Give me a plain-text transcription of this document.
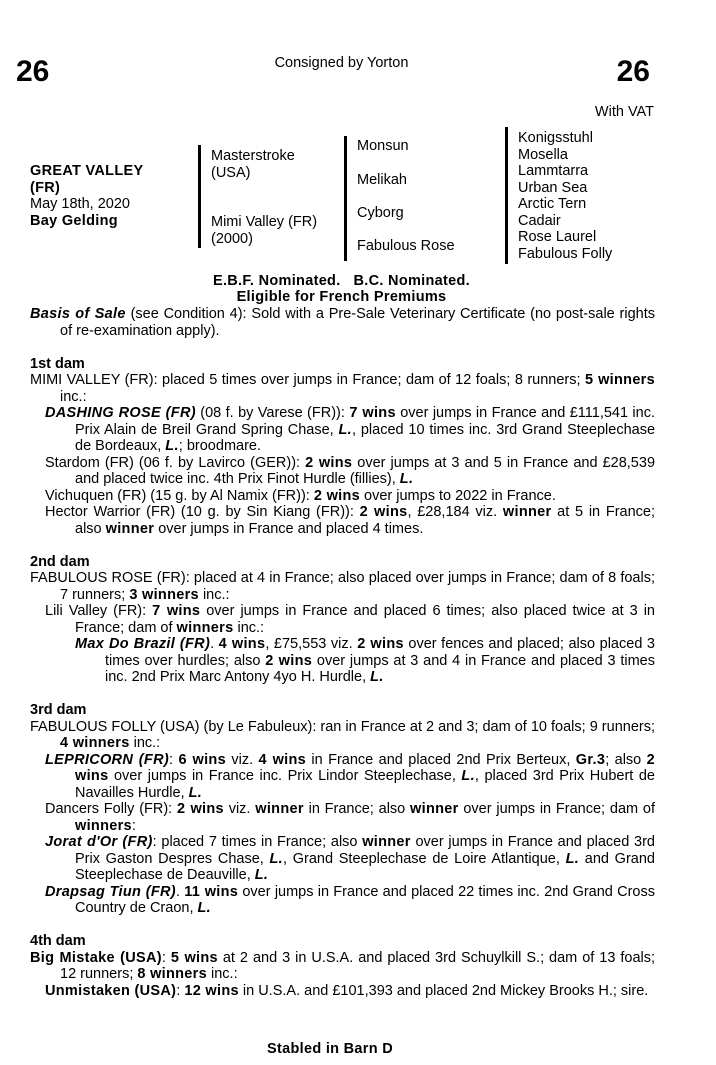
26	26
Consigned by Yorton
With VAT
GREAT VALLEY
(FR)
May 18th, 2020
Bay Gelding
Masterstroke
(USA)
Mimi Valley (FR)
(2000)
Monsun
Melikah
Cyborg
Fabulous Rose
Konigsstuhl
Mosella
Lammtarra
Urban Sea
Arctic Tern
Cadair
Rose Laurel
Fabulous Folly
E.B.F. Nominated.   B.C. Nominated.
Eligible for French Premiums

Basis of Sale (see Condition 4): Sold with a Pre-Sale Veterinary Certificate (no post-sale rights of re-examination apply).

1st dam

MIMI VALLEY (FR): placed 5 times over jumps in France; dam of 12 foals; 8 runners; 5 winners inc.:

DASHING ROSE (FR) (08 f. by Varese (FR)): 7 wins over jumps in France and £111,541 inc. Prix Alain de Breil Grand Spring Chase, L., placed 10 times inc. 3rd Grand Steeplechase de Bordeaux, L.; broodmare.

Stardom (FR) (06 f. by Lavirco (GER)): 2 wins over jumps at 3 and 5 in France and £28,539 and placed twice inc. 4th Prix Finot Hurdle (fillies), L.

Vichuquen (FR) (15 g. by Al Namix (FR)): 2 wins over jumps to 2022 in France.

Hector Warrior (FR) (10 g. by Sin Kiang (FR)): 2 wins, £28,184 viz. winner at 5 in France; also winner over jumps in France and placed 4 times.

2nd dam

FABULOUS ROSE (FR): placed at 4 in France; also placed over jumps in France; dam of 8 foals; 7 runners; 3 winners inc.:

Lili Valley (FR): 7 wins over jumps in France and placed 6 times; also placed twice at 3 in France; dam of winners inc.:

Max Do Brazil (FR). 4 wins, £75,553 viz. 2 wins over fences and placed; also placed 3 times over hurdles; also 2 wins over jumps at 3 and 4 in France and placed 3 times inc. 2nd Prix Marc Antony 4yo H. Hurdle, L.

3rd dam

FABULOUS FOLLY (USA) (by Le Fabuleux): ran in France at 2 and 3; dam of 10 foals; 9 runners; 4 winners inc.:

LEPRICORN (FR): 6 wins viz. 4 wins in France and placed 2nd Prix Berteux, Gr.3; also 2 wins over jumps in France inc. Prix Lindor Steeplechase, L., placed 3rd Prix Hubert de Navailles Hurdle, L.

Dancers Folly (FR): 2 wins viz. winner in France; also winner over jumps in France; dam of winners:

Jorat d'Or (FR): placed 7 times in France; also winner over jumps in France and placed 3rd Prix Gaston Despres Chase, L., Grand Steeplechase de Loire Atlantique, L. and Grand Steeplechase de Deauville, L.

Drapsag Tiun (FR). 11 wins over jumps in France and placed 22 times inc. 2nd Grand Cross Country de Craon, L.

4th dam

Big Mistake (USA): 5 wins at 2 and 3 in U.S.A. and placed 3rd Schuylkill S.; dam of 13 foals; 12 runners; 8 winners inc.:

Unmistaken (USA): 12 wins in U.S.A. and £101,393 and placed 2nd Mickey Brooks H.; sire.

Stabled in Barn D
